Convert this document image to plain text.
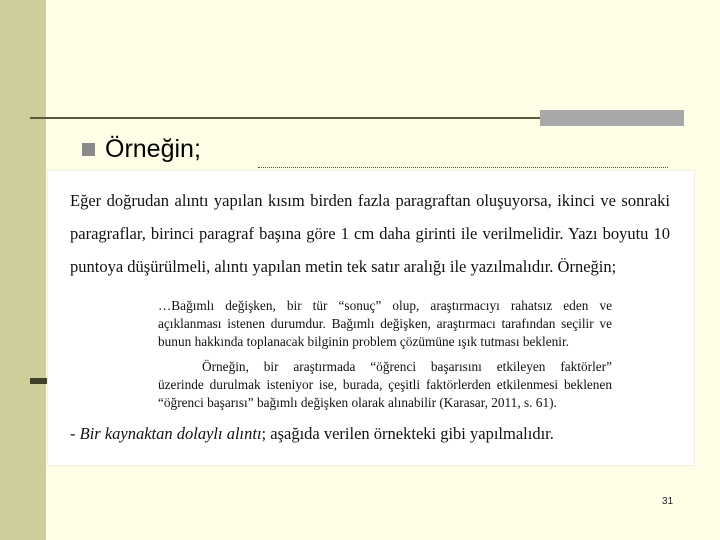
Örneğin;

Eğer doğrudan alıntı yapılan kısım birden fazla paragraftan oluşuyorsa, ikinci ve sonraki
paragraflar, birinci paragraf başına göre 1 cm daha girinti ile verilmelidir. Yazı boyutu 10
puntoya düşürülmeli, alıntı yapılan metin tek satır aralığı ile yazılmalıdır. Örneğin;

…Bağımlı değişken, bir tür “sonuç” olup, araştırmacıyı rahatsız eden ve
açıklanması istenen durumdur. Bağımlı değişken, araştırmacı tarafından seçilir ve
bunun hakkında toplanacak bilginin problem çözümüne ışık tutması beklenir.

Örneğin, bir araştırmada “öğrenci başarısını etkileyen faktörler”
üzerinde durulmak isteniyor ise, burada, çeşitli faktörlerden etkilenmesi beklenen
“öğrenci başarısı” bağımlı değişken olarak alınabilir (Karasar, 2011, s. 61).

- Bir kaynaktan dolaylı alıntı; aşağıda verilen örnekteki gibi yapılmalıdır.
31
